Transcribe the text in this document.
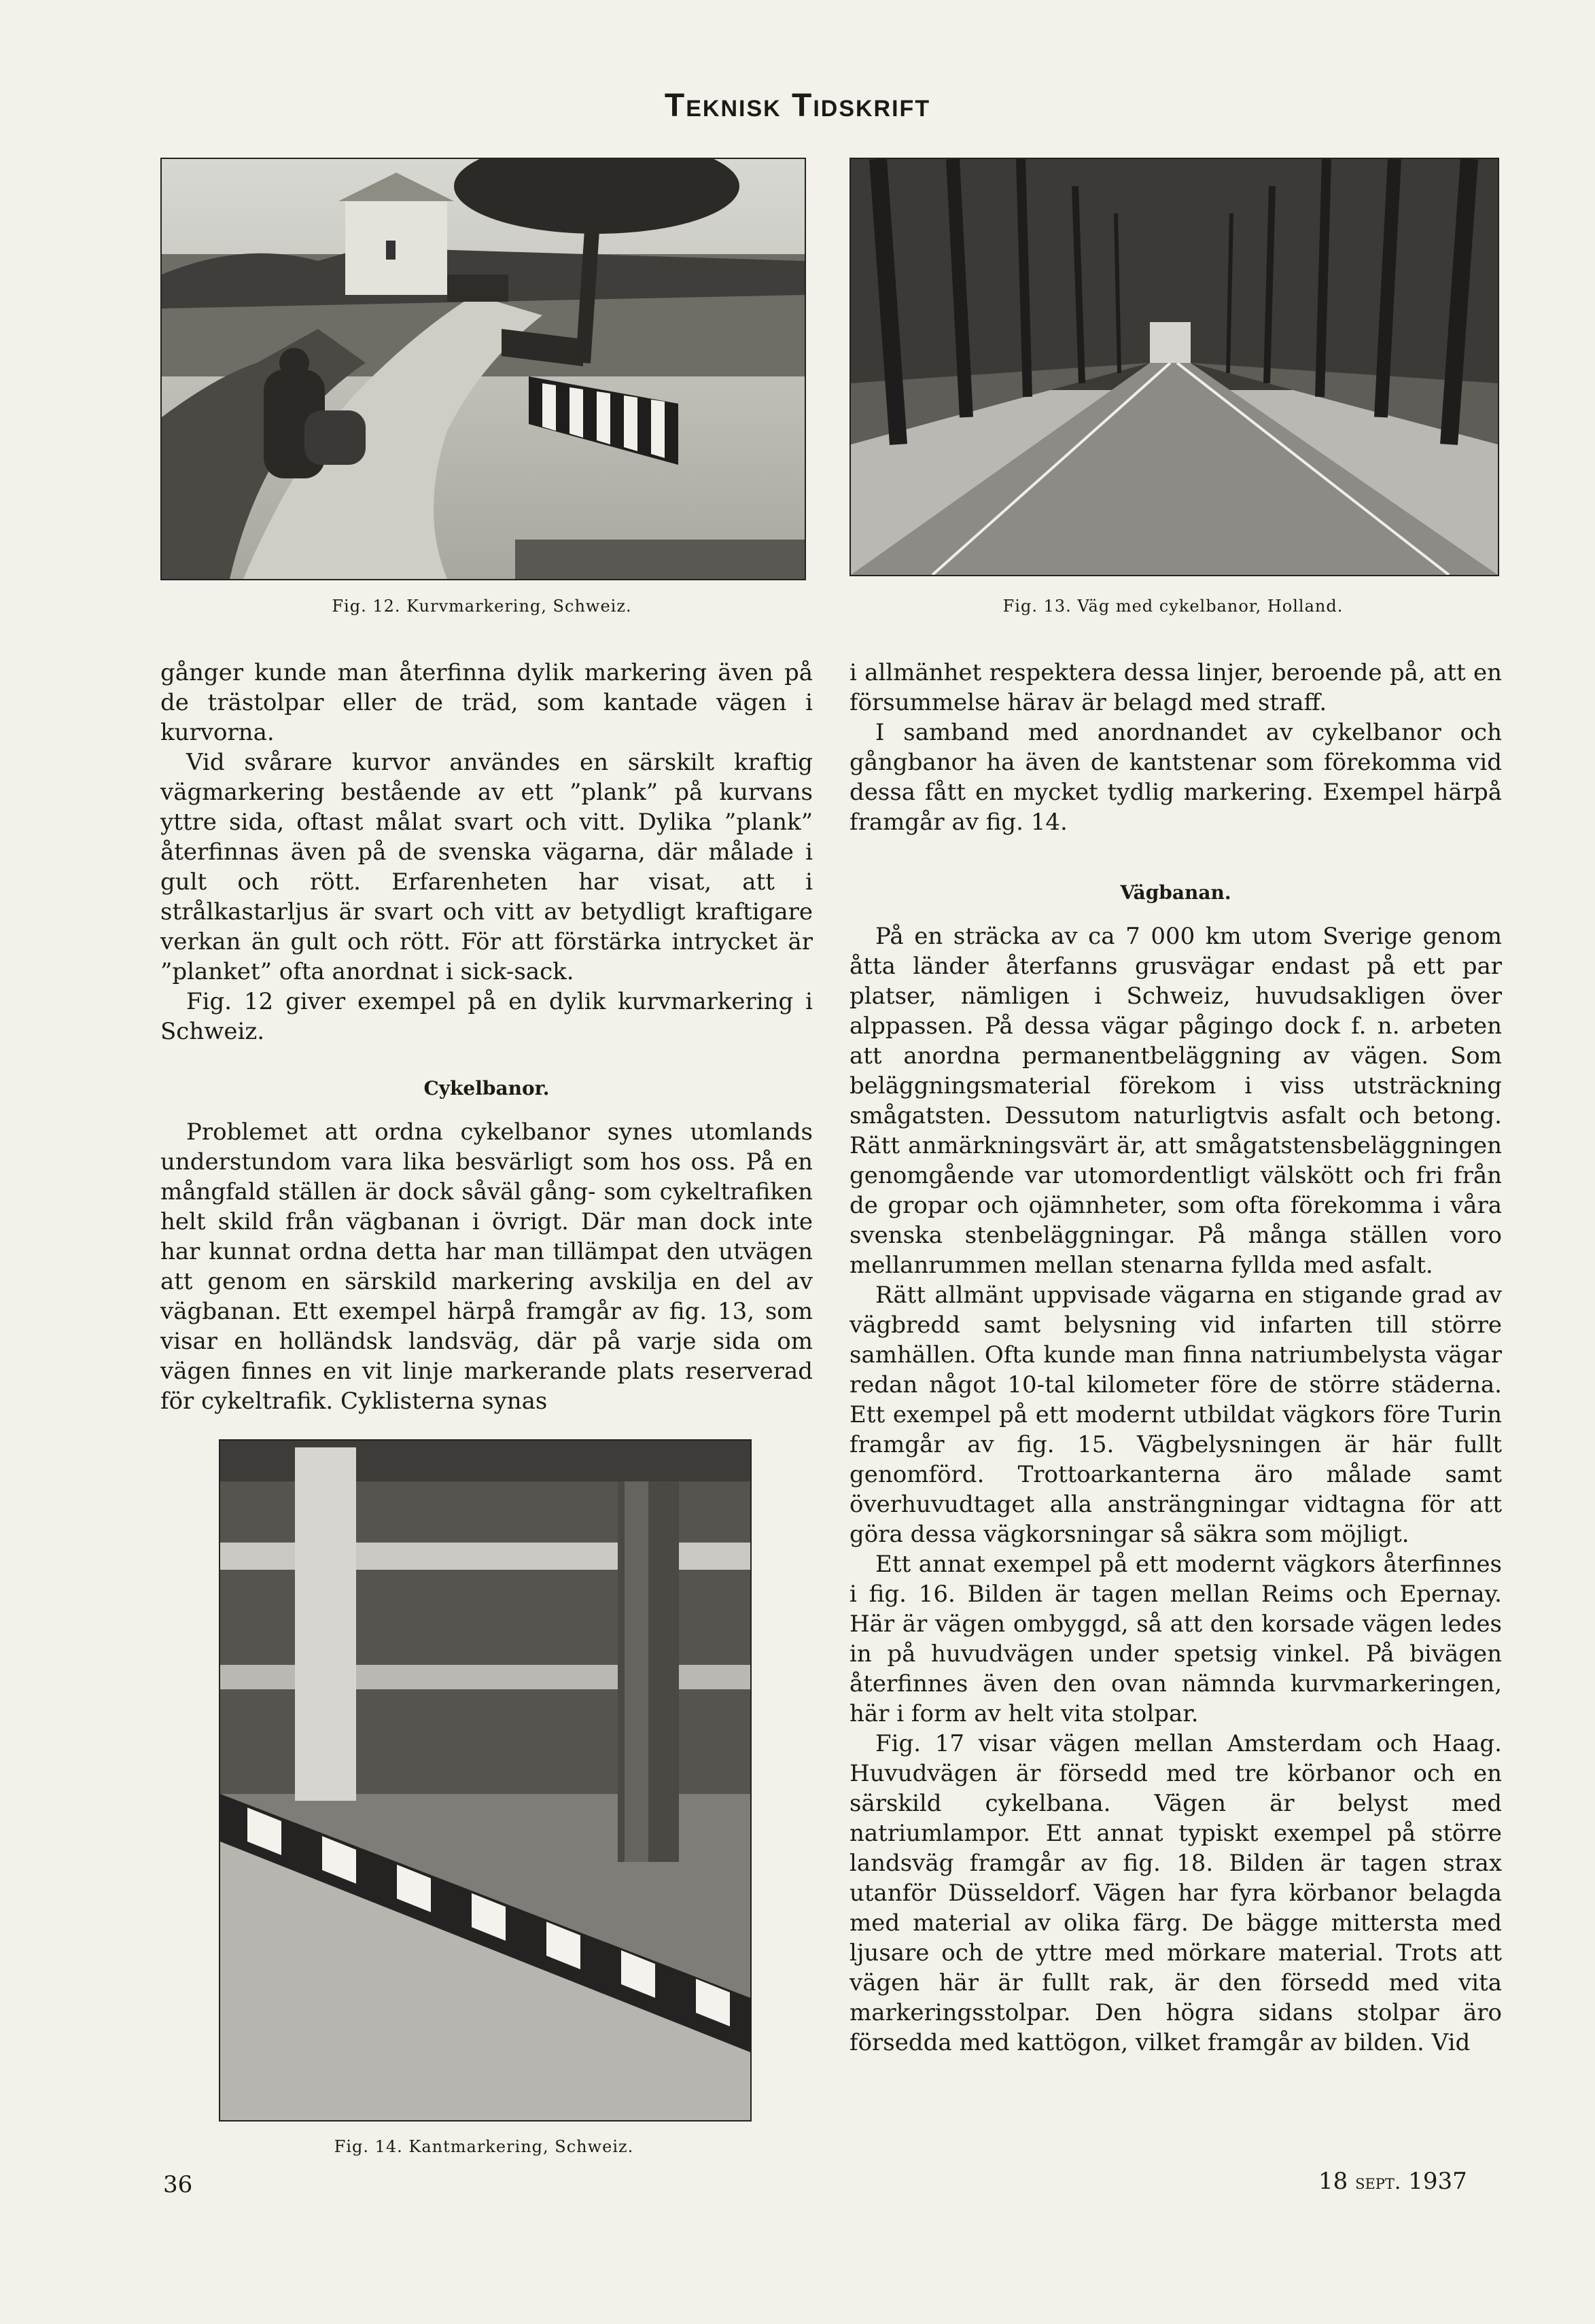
Teknisk Tidskrift
Fig. 12. Kurvmarkering, Schweiz.	Fig. 13. Väg med cykelbanor, Holland.

gånger kunde man återfinna dylik markering även på de trästolpar eller de träd, som kantade vägen i kurvorna.

Vid svårare kurvor användes en särskilt kraftig vägmarkering bestående av ett ”plank” på kurvans yttre sida, oftast målat svart och vitt. Dylika ”plank” återfinnas även på de svenska vägarna, där målade i gult och rött. Erfarenheten har visat, att i strålkastarljus är svart och vitt av betydligt kraftigare verkan än gult och rött. För att förstärka intrycket är ”planket” ofta anordnat i sick-sack.

Fig. 12 giver exempel på en dylik kurvmarkering i Schweiz.

Cykelbanor.

Problemet att ordna cykelbanor synes utomlands understundom vara lika besvärligt som hos oss. På en mångfald ställen är dock såväl gång- som cykeltrafiken helt skild från vägbanan i övrigt. Där man dock inte har kunnat ordna detta har man tillämpat den utvägen att genom en särskild markering avskilja en del av vägbanan. Ett exempel härpå framgår av fig. 13, som visar en holländsk landsväg, där på varje sida om vägen finnes en vit linje markerande plats reserverad för cykeltrafik. Cyklisterna synas

Fig. 14. Kantmarkering, Schweiz.

i allmänhet respektera dessa linjer, beroende på, att en försummelse härav är belagd med straff.

I samband med anordnandet av cykelbanor och gångbanor ha även de kantstenar som förekomma vid dessa fått en mycket tydlig markering. Exempel härpå framgår av fig. 14.

Vägbanan.

På en sträcka av ca 7 000 km utom Sverige genom åtta länder återfanns grusvägar endast på ett par platser, nämligen i Schweiz, huvudsakligen över alppassen. På dessa vägar pågingo dock f. n. arbeten att anordna permanentbeläggning av vägen. Som beläggningsmaterial förekom i viss utsträckning smågatsten. Dessutom naturligtvis asfalt och betong. Rätt anmärkningsvärt är, att smågatstensbeläggningen genomgående var utomordentligt välskött och fri från de gropar och ojämnheter, som ofta förekomma i våra svenska stenbeläggningar. På många ställen voro mellanrummen mellan stenarna fyllda med asfalt.

Rätt allmänt uppvisade vägarna en stigande grad av vägbredd samt belysning vid infarten till större samhällen. Ofta kunde man finna natriumbelysta vägar redan något 10-tal kilometer före de större städerna. Ett exempel på ett modernt utbildat vägkors före Turin framgår av fig. 15. Vägbelysningen är här fullt genomförd. Trottoarkanterna äro målade samt överhuvudtaget alla ansträngningar vidtagna för att göra dessa vägkorsningar så säkra som möjligt.

Ett annat exempel på ett modernt vägkors återfinnes i fig. 16. Bilden är tagen mellan Reims och Epernay. Här är vägen ombyggd, så att den korsade vägen ledes in på huvudvägen under spetsig vinkel. På bivägen återfinnes även den ovan nämnda kurvmarkeringen, här i form av helt vita stolpar.

Fig. 17 visar vägen mellan Amsterdam och Haag. Huvudvägen är försedd med tre körbanor och en särskild cykelbana. Vägen är belyst med natriumlampor. Ett annat typiskt exempel på större landsväg framgår av fig. 18. Bilden är tagen strax utanför Düsseldorf. Vägen har fyra körbanor belagda med material av olika färg. De bägge mittersta med ljusare och de yttre med mörkare material. Trots att vägen här är fullt rak, är den försedd med vita markeringsstolpar. Den högra sidans stolpar äro försedda med kattögon, vilket framgår av bilden. Vid

36	18 sept. 1937
